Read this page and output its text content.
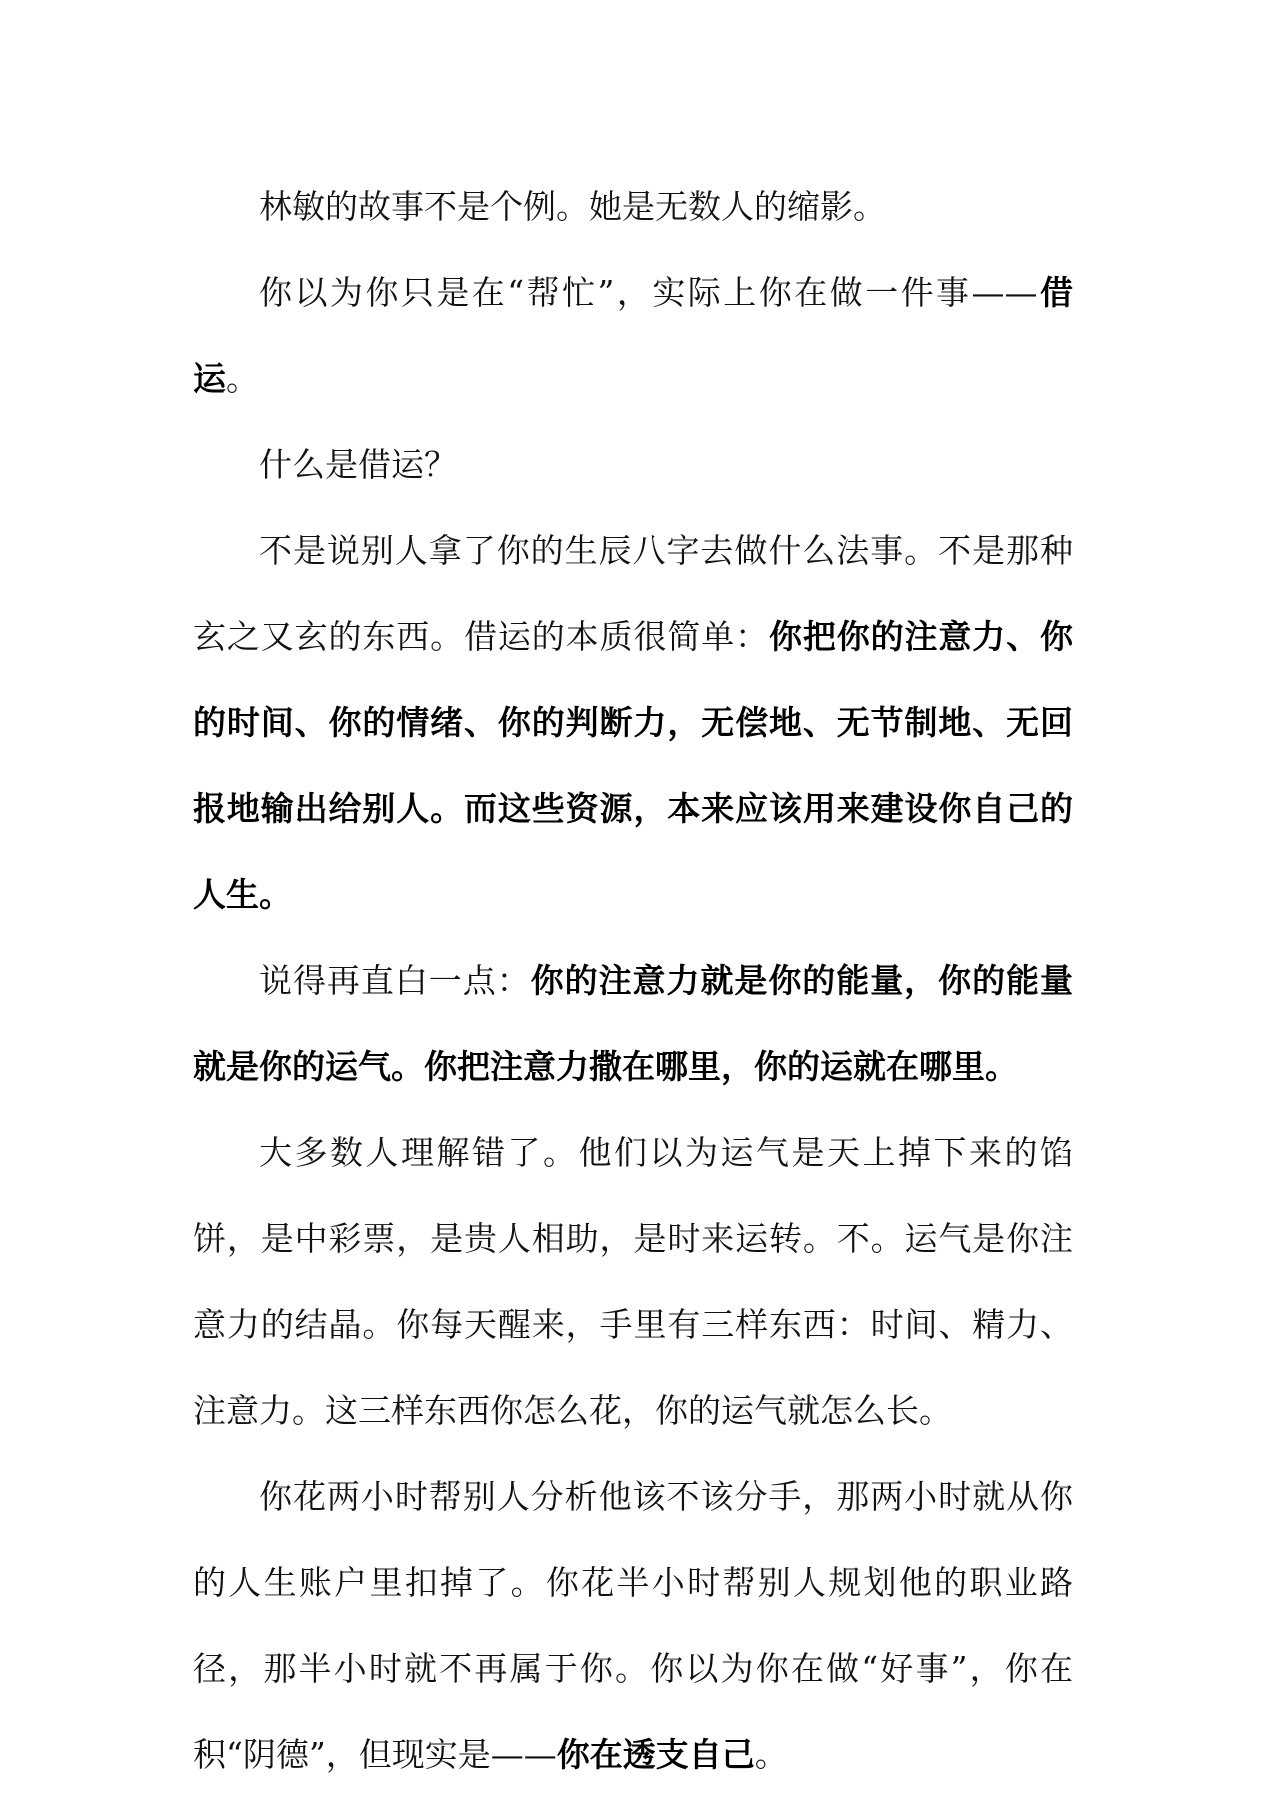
林敏的故事不是个例。她是无数人的缩影。

你以为你只是在“帮忙”，实际上你在做一件事——借运。

什么是借运？

不是说别人拿了你的生辰八字去做什么法事。不是那种玄之又玄的东西。借运的本质很简单：你把你的注意力、你的时间、你的情绪、你的判断力，无偿地、无节制地、无回报地输出给别人。而这些资源，本来应该用来建设你自己的人生。

说得再直白一点：你的注意力就是你的能量，你的能量就是你的运气。你把注意力撒在哪里，你的运就在哪里。

大多数人理解错了。他们以为运气是天上掉下来的馅饼，是中彩票，是贵人相助，是时来运转。不。运气是你注意力的结晶。你每天醒来，手里有三样东西：时间、精力、注意力。这三样东西你怎么花，你的运气就怎么长。

你花两小时帮别人分析他该不该分手，那两小时就从你的人生账户里扣掉了。你花半小时帮别人规划他的职业路径，那半小时就不再属于你。你以为你在做“好事”，你在积“阴德”，但现实是——你在透支自己。
